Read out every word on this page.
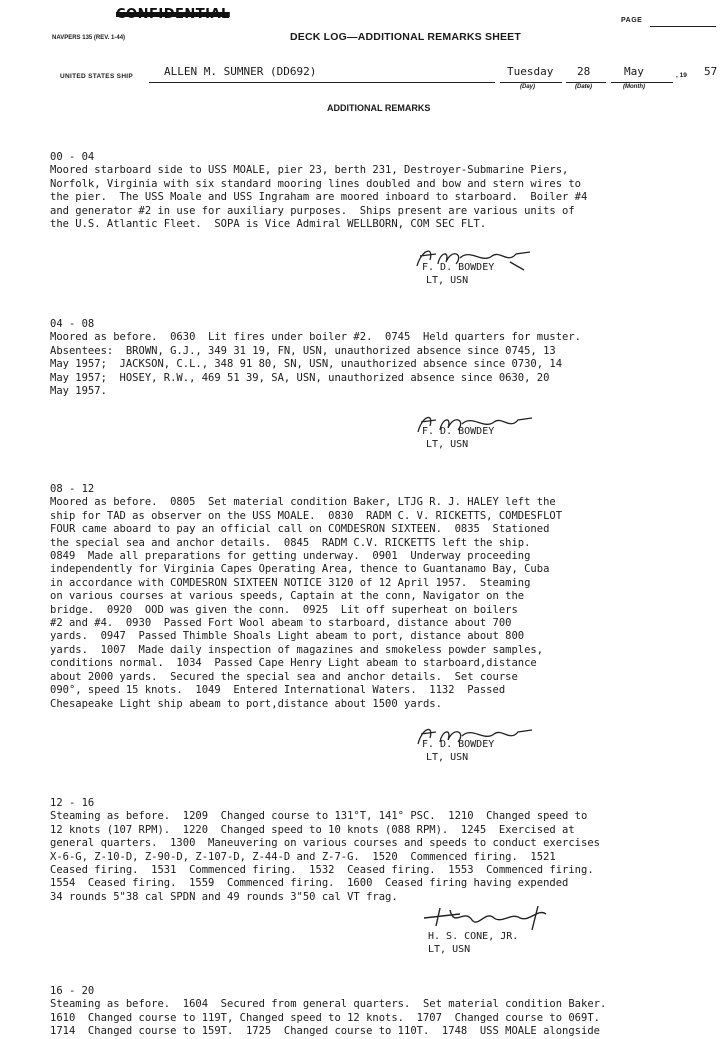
CONFIDENTIAL	PAGE
NAVPERS 135 (REV. 1-44)	DECK LOG—ADDITIONAL REMARKS SHEET
UNITED STATES SHIP	ALLEN M. SUMNER (DD692)	Tuesday
(Day)
28
(Date)
May
(Month)
, 19 57
ADDITIONAL REMARKS
00 - 04
Moored starboard side to USS MOALE, pier 23, berth 231, Destroyer-Submarine Piers,
Norfolk, Virginia with six standard mooring lines doubled and bow and stern wires to
the pier.  The USS Moale and USS Ingraham are moored inboard to starboard.  Boiler #4
and generator #2 in use for auxiliary purposes.  Ships present are various units of
the U.S. Atlantic Fleet.  SOPA is Vice Admiral WELLBORN, COM SEC FLT.
F. D. BOWDEY
LT, USN
04 - 08
Moored as before.  0630  Lit fires under boiler #2.  0745  Held quarters for muster.
Absentees:  BROWN, G.J., 349 31 19, FN, USN, unauthorized absence since 0745, 13
May 1957;  JACKSON, C.L., 348 91 80, SN, USN, unauthorized absence since 0730, 14
May 1957;  HOSEY, R.W., 469 51 39, SA, USN, unauthorized absence since 0630, 20
May 1957.
F. D. BOWDEY
LT, USN
08 - 12
Moored as before.  0805  Set material condition Baker, LTJG R. J. HALEY left the
ship for TAD as observer on the USS MOALE.  0830  RADM C. V. RICKETTS, COMDESFLOT
FOUR came aboard to pay an official call on COMDESRON SIXTEEN.  0835  Stationed
the special sea and anchor details.  0845  RADM C.V. RICKETTS left the ship.
0849  Made all preparations for getting underway.  0901  Underway proceeding
independently for Virginia Capes Operating Area, thence to Guantanamo Bay, Cuba
in accordance with COMDESRON SIXTEEN NOTICE 3120 of 12 April 1957.  Steaming
on various courses at various speeds, Captain at the conn, Navigator on the
bridge.  0920  OOD was given the conn.  0925  Lit off superheat on boilers
#2 and #4.  0930  Passed Fort Wool abeam to starboard, distance about 700
yards.  0947  Passed Thimble Shoals Light abeam to port, distance about 800
yards.  1007  Made daily inspection of magazines and smokeless powder samples,
conditions normal.  1034  Passed Cape Henry Light abeam to starboard,distance
about 2000 yards.  Secured the special sea and anchor details.  Set course
090°, speed 15 knots.  1049  Entered International Waters.  1132  Passed
Chesapeake Light ship abeam to port,distance about 1500 yards.
F. D. BOWDEY
LT, USN
12 - 16
Steaming as before.  1209  Changed course to 131°T, 141° PSC.  1210  Changed speed to
12 knots (107 RPM).  1220  Changed speed to 10 knots (088 RPM).  1245  Exercised at
general quarters.  1300  Maneuvering on various courses and speeds to conduct exercises
X-6-G, Z-10-D, Z-90-D, Z-107-D, Z-44-D and Z-7-G.  1520  Commenced firing.  1521
Ceased firing.  1531  Commenced firing.  1532  Ceased firing.  1553  Commenced firing.
1554  Ceased firing.  1559  Commenced firing.  1600  Ceased firing having expended
34 rounds 5"38 cal SPDN and 49 rounds 3"50 cal VT frag.
H. S. CONE, JR.
LT, USN
16 - 20
Steaming as before.  1604  Secured from general quarters.  Set material condition Baker.
1610  Changed course to 119T, Changed speed to 12 knots.  1707  Changed course to 069T.
1714  Changed course to 159T.  1725  Changed course to 110T.  1748  USS MOALE alongside
